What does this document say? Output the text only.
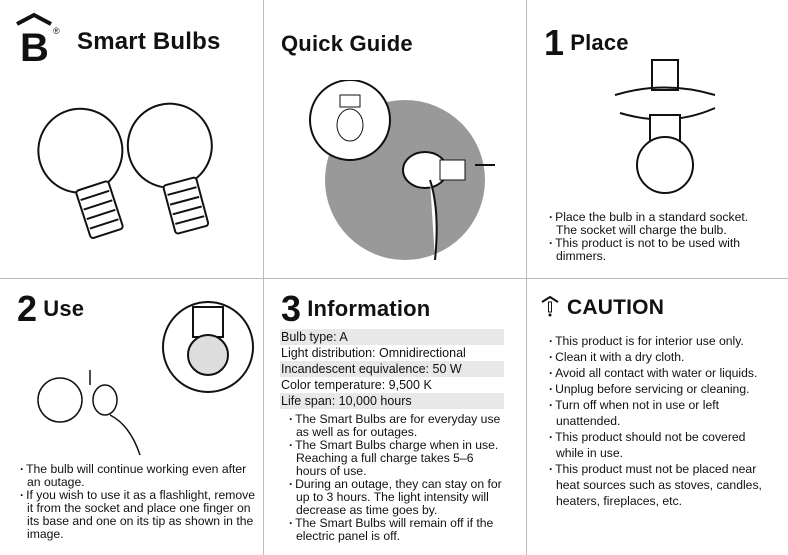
B ® Smart Bulbs	Quick Guide	1 Place
· Place the bulb in a standard socket. The socket will charge the bulb.
· This product is not to be used with dimmers.
2 Use
· The bulb will continue working even after an outage.
· If you wish to use it as a flashlight, remove it from the socket and place one finger on its base and one on its tip as shown in the image.
3 Information
Bulb type: A
Light distribution: Omnidirectional
Incandescent equivalence: 50 W
Color temperature: 9,500 K
Life span: 10,000 hours
· The Smart Bulbs are for everyday use as well as for outages.
· The Smart Bulbs charge when in use. Reaching a full charge takes 5–6 hours of use.
· During an outage, they can stay on for up to 3 hours. The light intensity will decrease as time goes by.
· The Smart Bulbs will remain off if the electric panel is off.
CAUTION
· This product is for interior use only.
· Clean it with a dry cloth.
· Avoid all contact with water or liquids.
· Unplug before servicing or cleaning.
· Turn off when not in use or left unattended.
· This product should not be covered while in use.
· This product must not be placed near heat sources such as stoves, candles, heaters, fireplaces, etc.
